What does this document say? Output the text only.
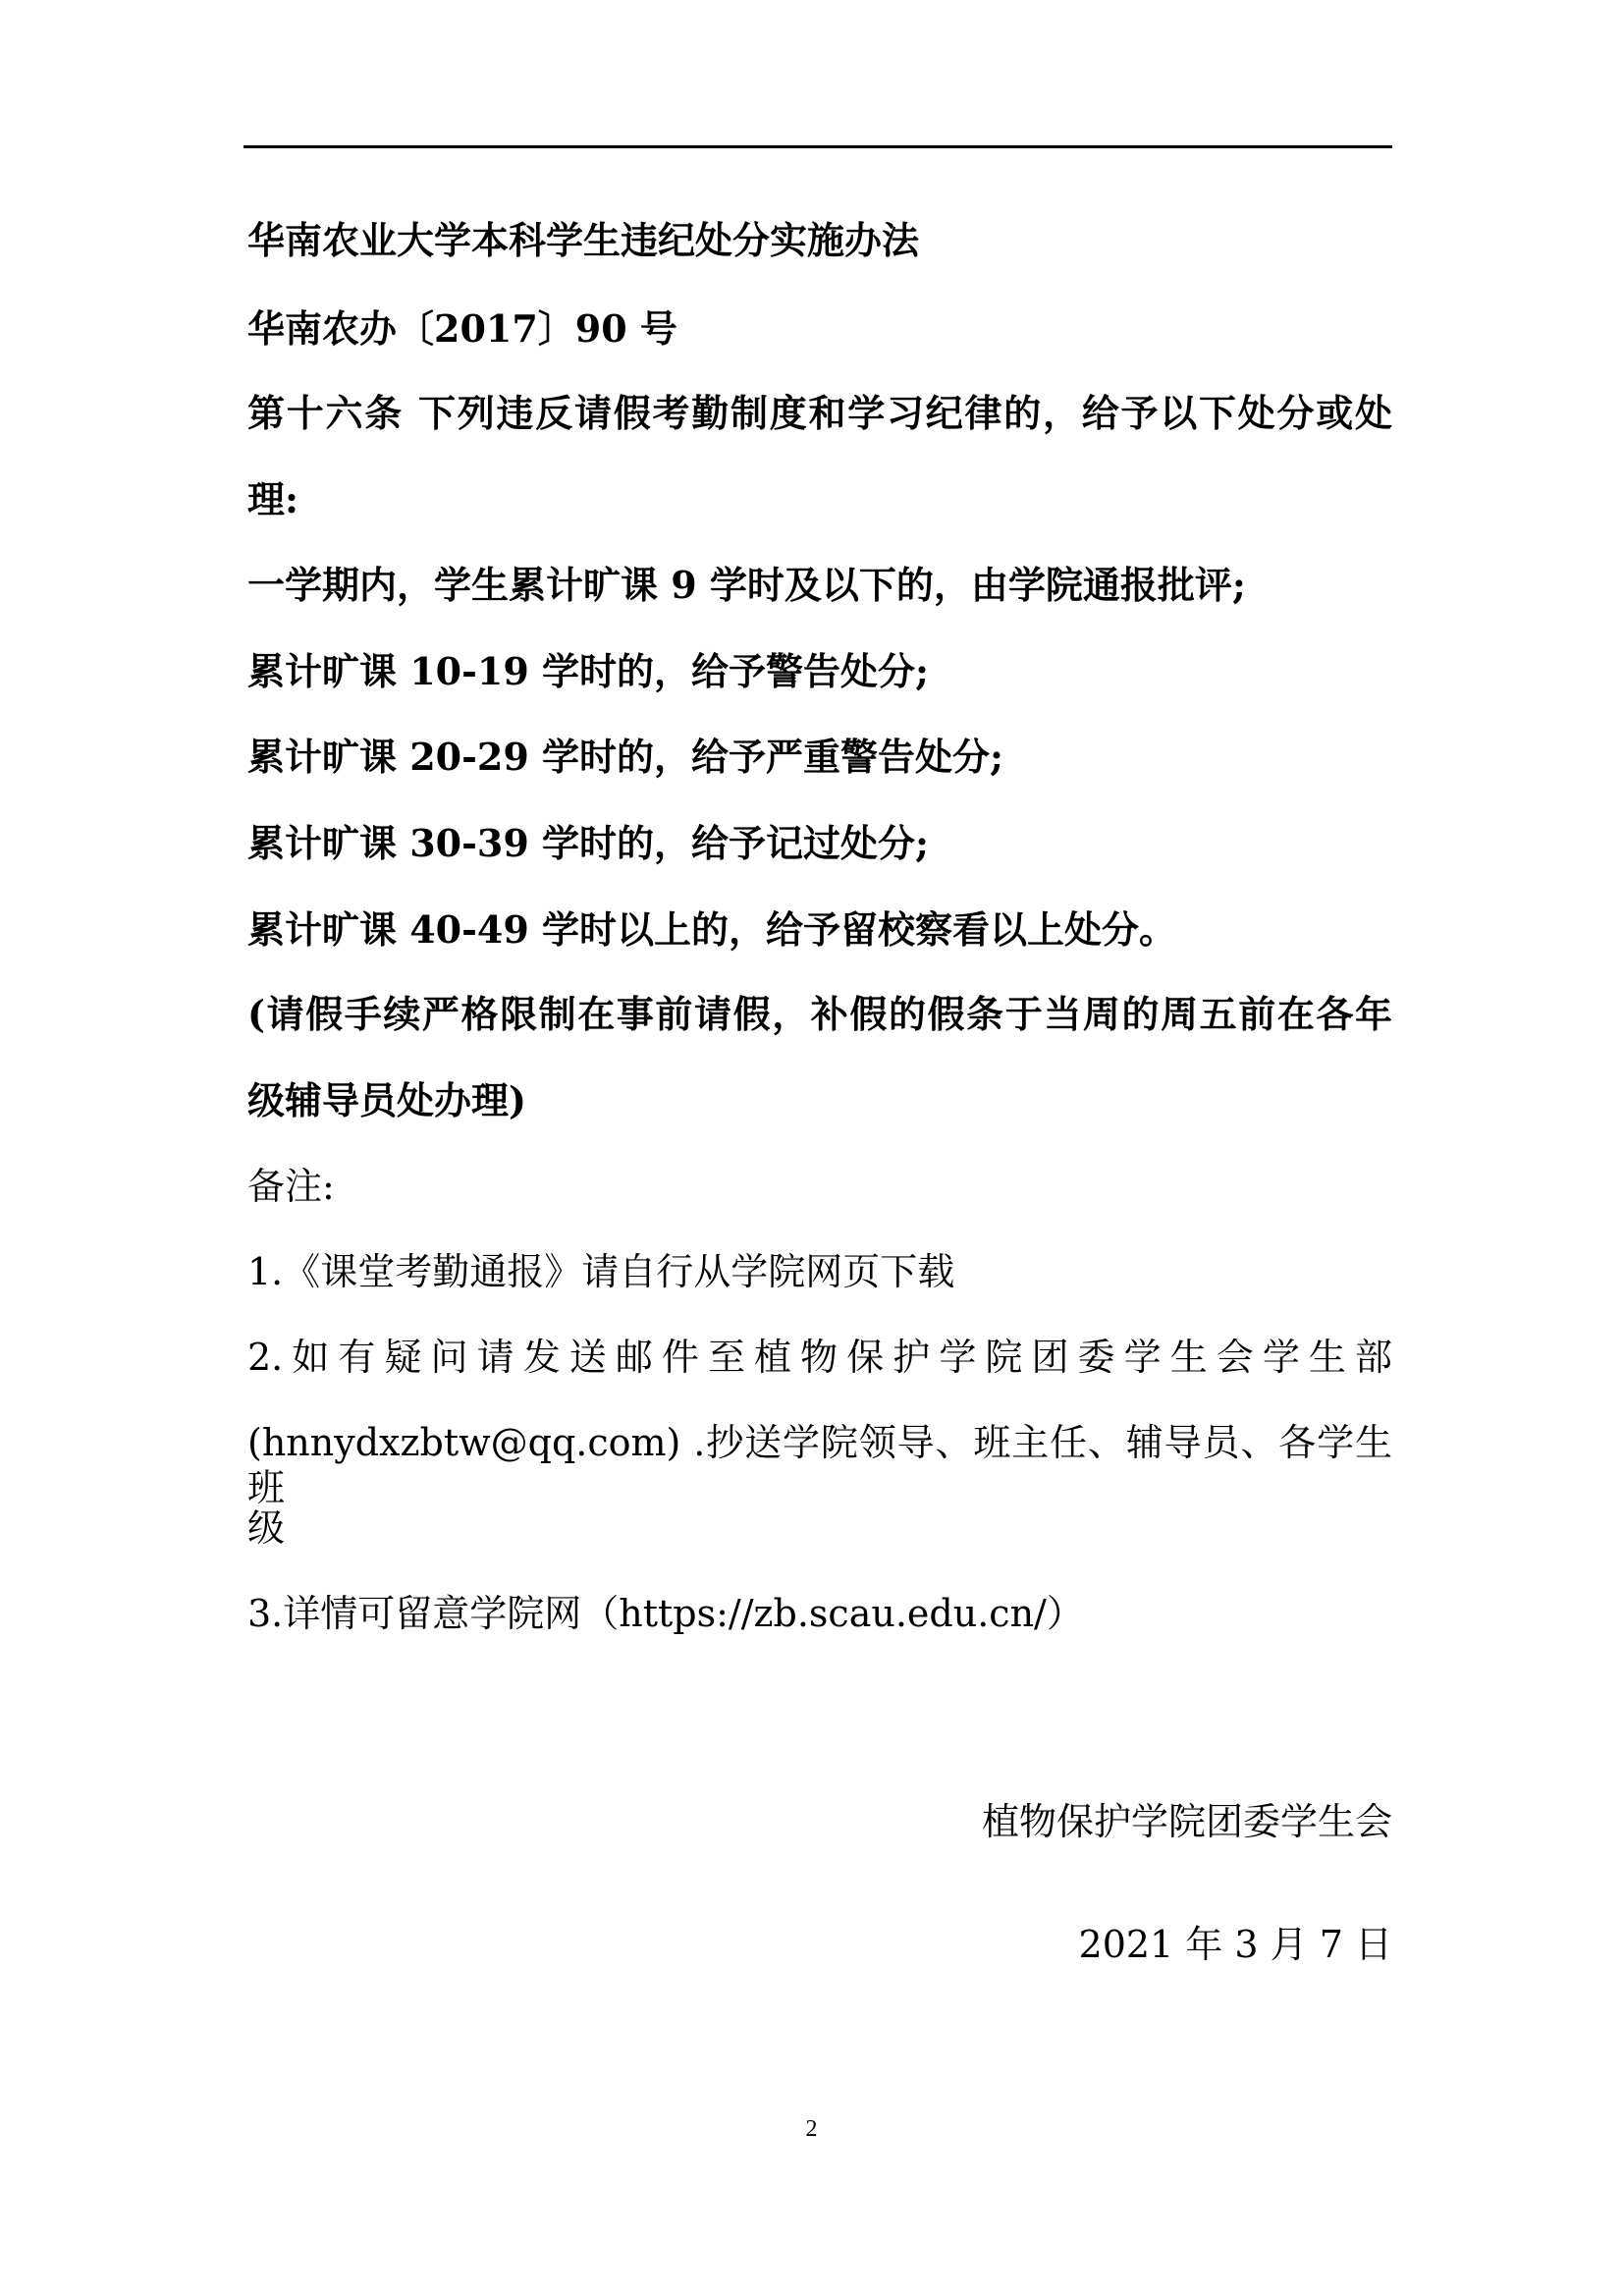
华南农业大学本科学生违纪处分实施办法
华南农办〔2017〕90 号
第十六条 下列违反请假考勤制度和学习纪律的，给予以下处分或处
理:
一学期内，学生累计旷课 9 学时及以下的，由学院通报批评;
累计旷课 10-19 学时的，给予警告处分;
累计旷课 20-29 学时的，给予严重警告处分;
累计旷课 30-39 学时的，给予记过处分;
累计旷课 40-49 学时以上的，给予留校察看以上处分。
(请假手续严格限制在事前请假，补假的假条于当周的周五前在各年
级辅导员处办理)
备注:
1.《课堂考勤通报》请自行从学院网页下载
2.如有疑问请发送邮件至植物保护学院团委学生会学生部
(hnnydxzbtw@qq.com) .抄送学院领导、班主任、辅导员、各学生班
级
3.详情可留意学院网（https://zb.scau.edu.cn/）
植物保护学院团委学生会
2021 年 3 月 7 日
2
